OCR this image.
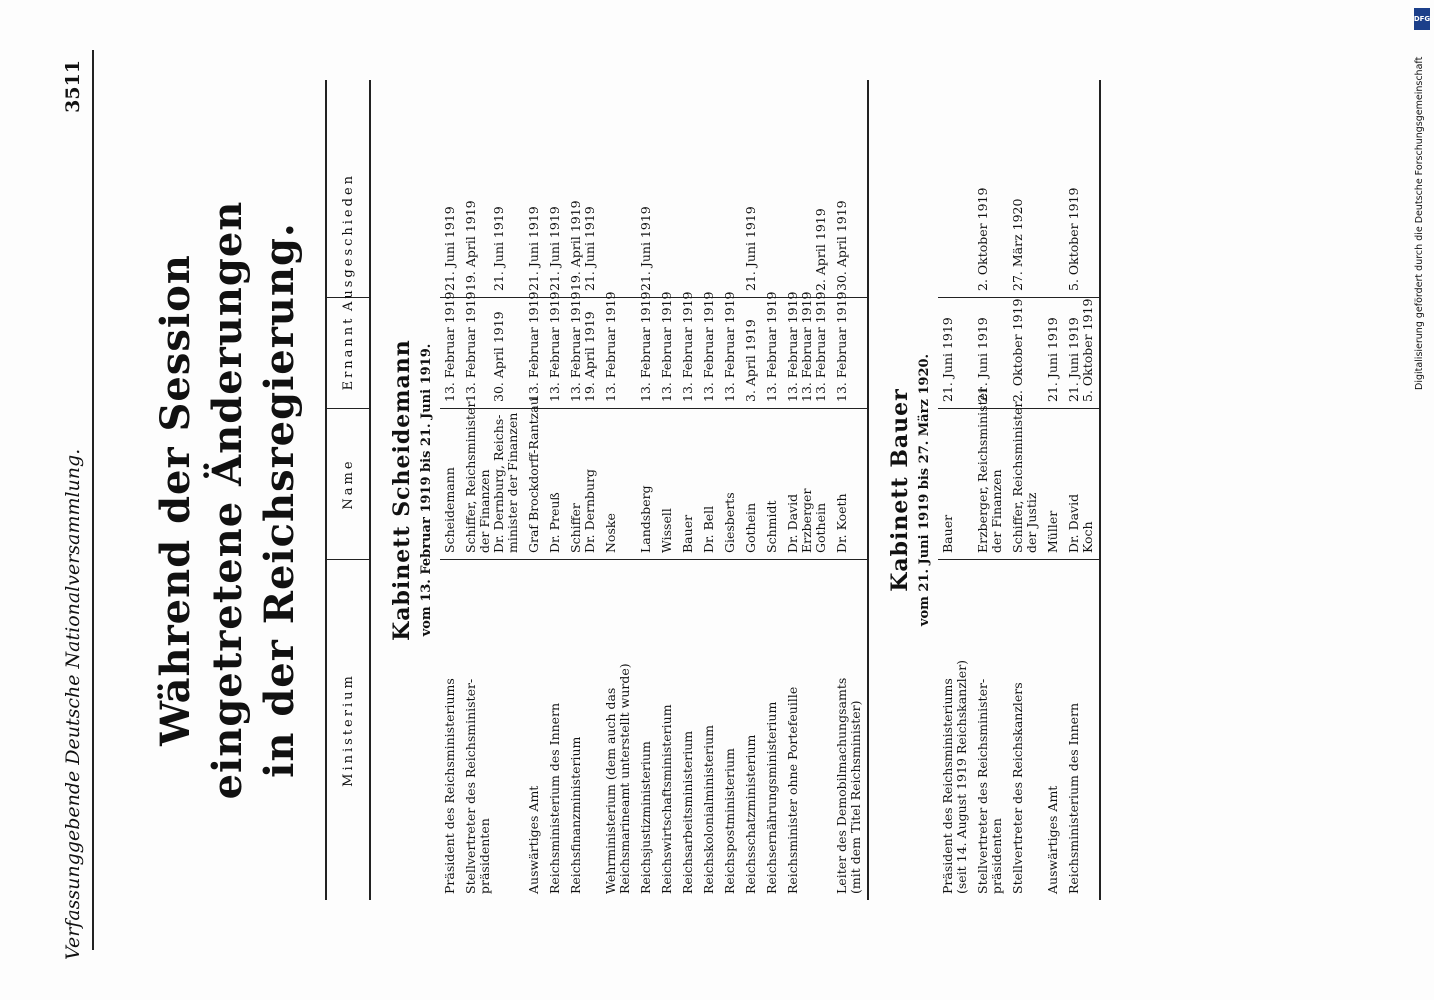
Verfassunggebende Deutsche Nationalversammlung.
3511
Während der Session eingetretene Änderungen in der Reichsregierung.	Ministerium
Name
Ernannt
Ausgeschieden
Kabinett Scheidemann vom 13. Februar 1919 bis 21. Juni 1919.
Präsident des Reichsministeriums
Scheidemann
13. Februar 1919
21. Juni 1919
Stellvertreter des Reichsminister- präsidenten
Schiffer, Reichsminister der Finanzen Dr. Dernburg, Reichs- minister der Finanzen
13. Februar 1919
30. April 1919
19. April 1919
21. Juni 1919
Auswärtiges Amt
Graf Brockdorff-Rantzau
13. Februar 1919
21. Juni 1919
Reichsministerium des Innern
Dr. Preuß
13. Februar 1919
21. Juni 1919
Reichsfinanzministerium
Schiffer Dr. Dernburg
13. Februar 1919 19. April 1919
19. April 1919 21. Juni 1919
Wehrministerium (dem auch das Reichsmarineamt unterstellt wurde)
Noske
13. Februar 1919

Reichsjustizministerium
Landsberg
13. Februar 1919
21. Juni 1919
Reichswirtschaftsministerium
Wissell
13. Februar 1919

Reichsarbeitsministerium
Bauer
13. Februar 1919

Reichskolonialministerium
Dr. Bell
13. Februar 1919

Reichspostministerium
Giesberts
13. Februar 1919

Reichsschatzministerium
Gothein
3. April 1919
21. Juni 1919
Reichsernährungsministerium
Schmidt
13. Februar 1919

Reichsminister ohne Portefeuille
Dr. David Erzberger Gothein
13. Februar 1919 13. Februar 1919 13. Februar 1919

2. April 1919
Leiter des Demobilmachungsamts (mit dem Titel Reichsminister)
Dr. Koeth
13. Februar 1919
30. April 1919
Kabinett Bauer vom 21. Juni 1919 bis 27. März 1920.
Präsident des Reichsministeriums (seit 14. August 1919 Reichskanzler)
Bauer
21. Juni 1919

Stellvertreter des Reichsminister- präsidenten
Erzberger, Reichsminister der Finanzen
21. Juni 1919
2. Oktober 1919
Stellvertreter des Reichskanzlers
Schiffer, Reichsminister der Justiz
2. Oktober 1919
27. März 1920
Auswärtiges Amt
Müller
21. Juni 1919

Reichsministerium des Innern
Dr. David Koch
21. Juni 1919 5. Oktober 1919
5. Oktober 1919
	Digitalisierung gefördert durch die Deutsche Forschungsgemeinschaft
DFG
